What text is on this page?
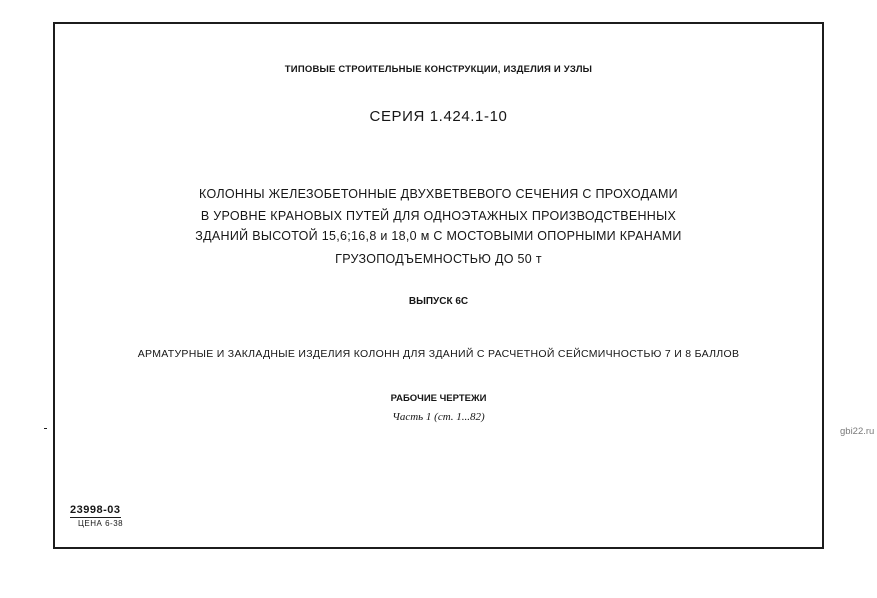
ТИПОВЫЕ СТРОИТЕЛЬНЫЕ КОНСТРУКЦИИ, ИЗДЕЛИЯ И УЗЛЫ
СЕРИЯ 1.424.1-10
КОЛОННЫ ЖЕЛЕЗОБЕТОННЫЕ ДВУХВЕТВЕВОГО СЕЧЕНИЯ С ПРОХОДАМИ
В УРОВНЕ КРАНОВЫХ ПУТЕЙ ДЛЯ ОДНОЭТАЖНЫХ ПРОИЗВОДСТВЕННЫХ
ЗДАНИЙ ВЫСОТОЙ 15,6;16,8 и 18,0 м С МОСТОВЫМИ ОПОРНЫМИ КРАНАМИ
ГРУЗОПОДЪЕМНОСТЬЮ ДО 50 т
ВЫПУСК 6С
АРМАТУРНЫЕ И ЗАКЛАДНЫЕ ИЗДЕЛИЯ КОЛОНН ДЛЯ ЗДАНИЙ С РАСЧЕТНОЙ СЕЙСМИЧНОСТЬЮ 7 И 8 БАЛЛОВ
РАБОЧИЕ ЧЕРТЕЖИ
Часть 1 (ст. 1...82)
23998-03
ЦЕНА 6-38
gbi22.ru
